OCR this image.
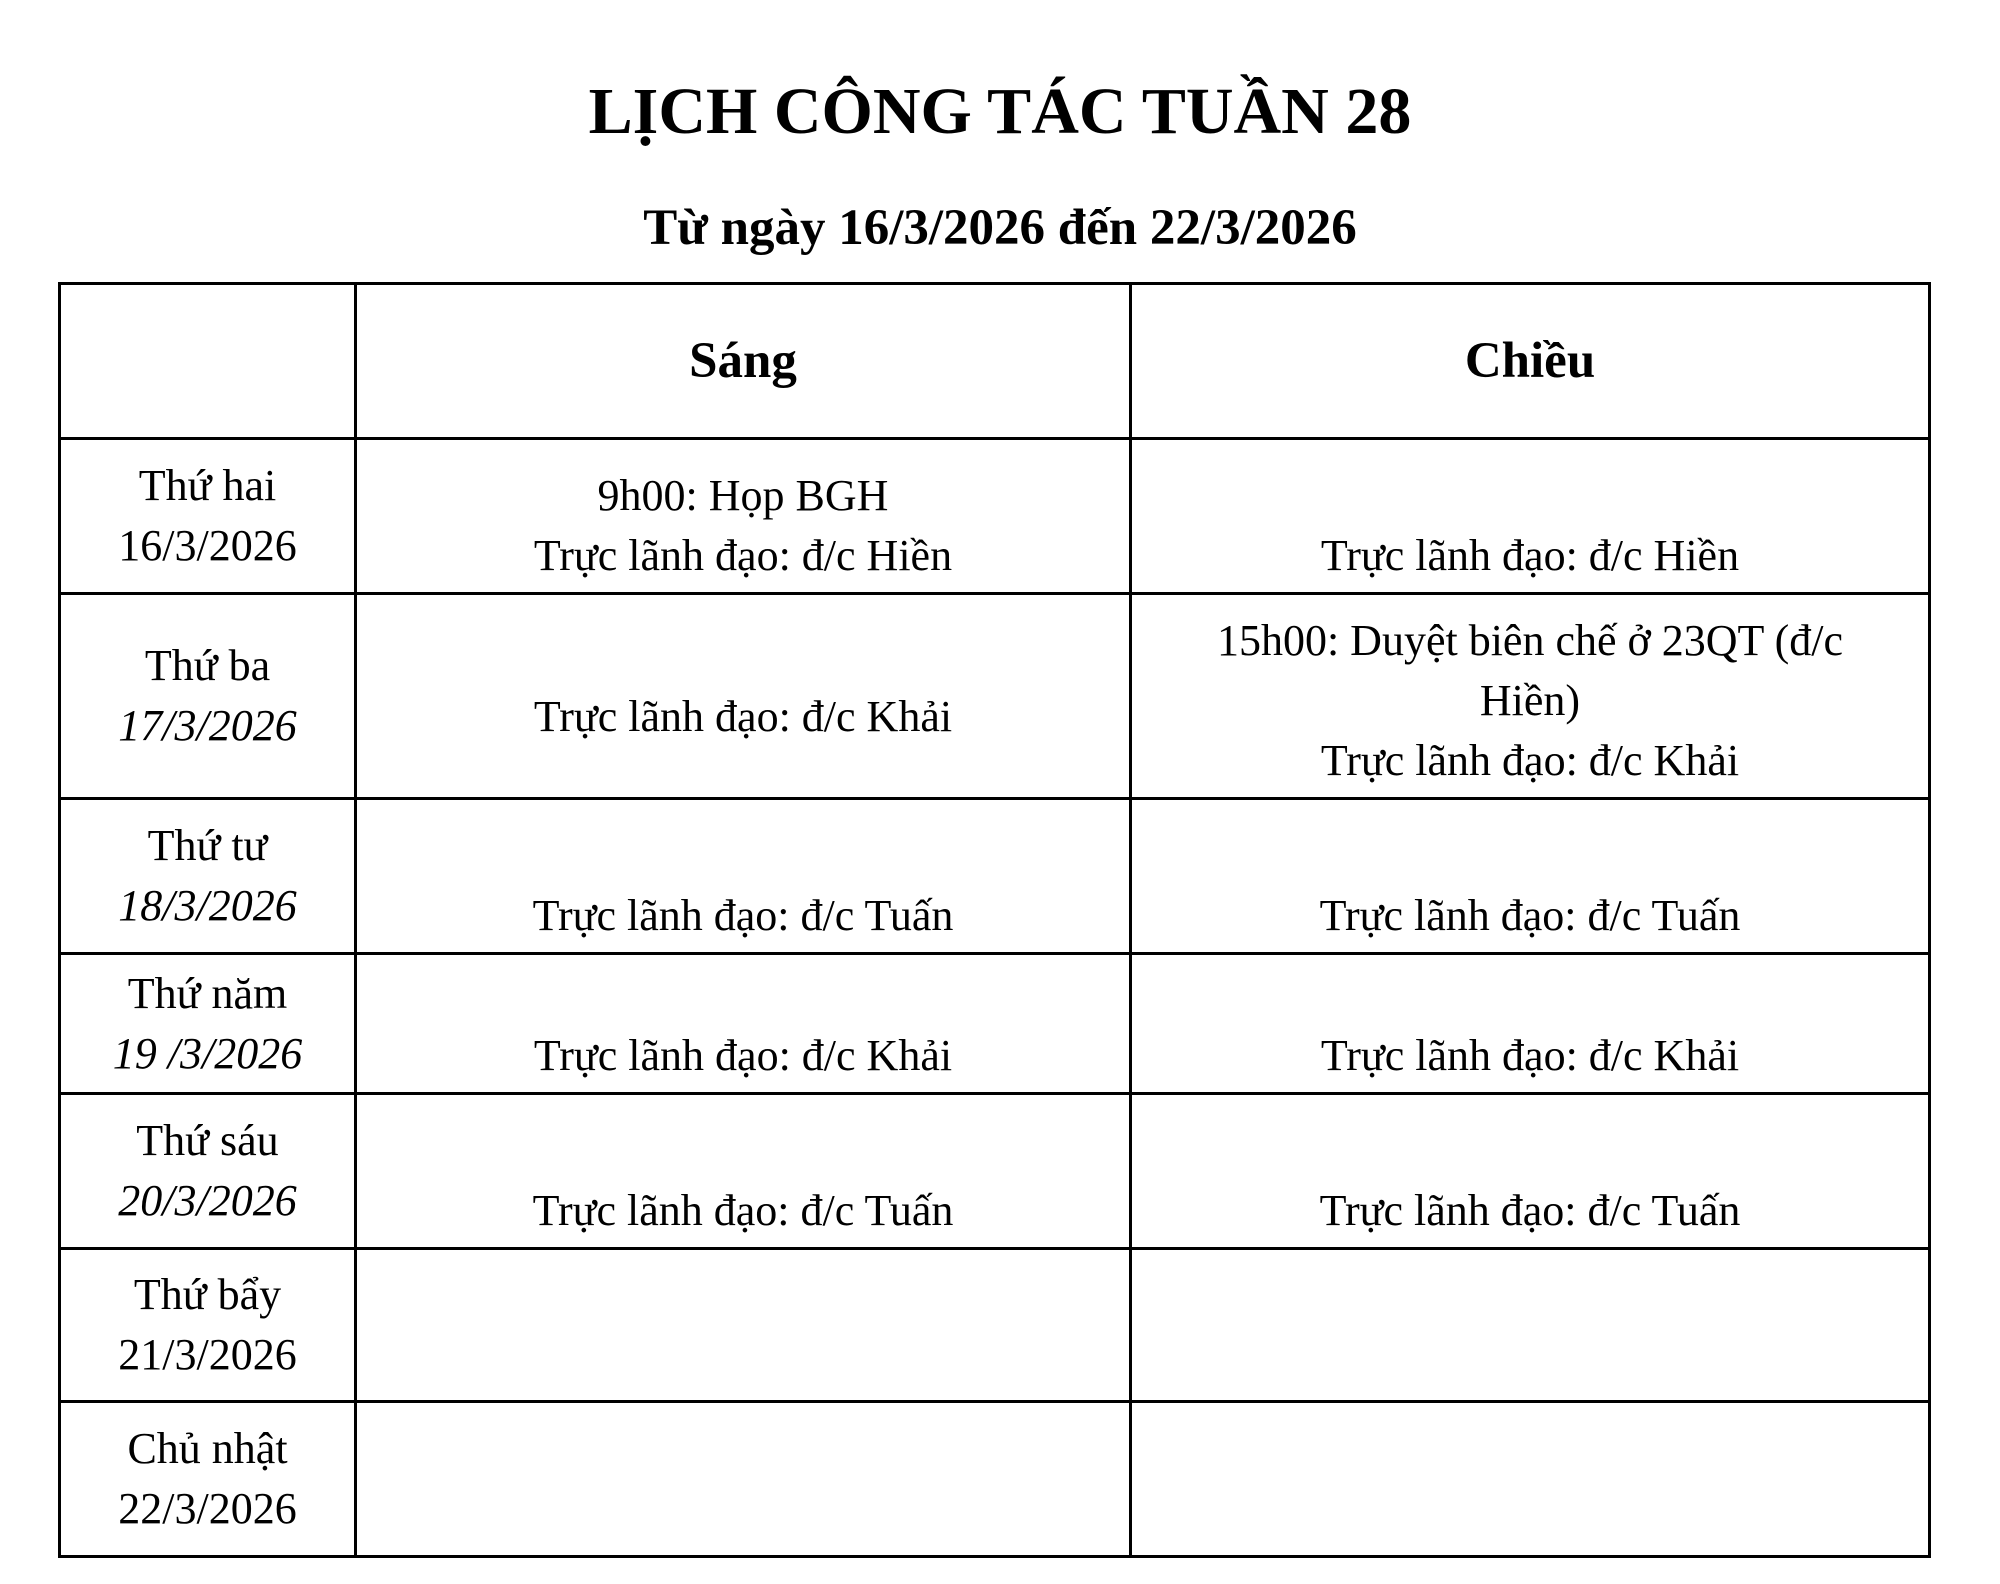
LỊCH CÔNG TÁC TUẦN 28
Từ ngày 16/3/2026 đến 22/3/2026
	Sáng	Chiều

Thứ hai
16/3/2026	9h00: Họp BGH
Trực lãnh đạo: đ/c Hiền	Trực lãnh đạo: đ/c Hiền

Thứ ba
17/3/2026	Trực lãnh đạo: đ/c Khải	15h00: Duyệt biên chế ở 23QT (đ/c Hiền)
Trực lãnh đạo: đ/c Khải

Thứ tư
18/3/2026	Trực lãnh đạo: đ/c Tuấn	Trực lãnh đạo: đ/c Tuấn

Thứ năm
19 /3/2026	Trực lãnh đạo: đ/c Khải	Trực lãnh đạo: đ/c Khải

Thứ sáu
20/3/2026	Trực lãnh đạo: đ/c Tuấn	Trực lãnh đạo: đ/c Tuấn

Thứ bẩy
21/3/2026		

Chủ nhật
22/3/2026		
